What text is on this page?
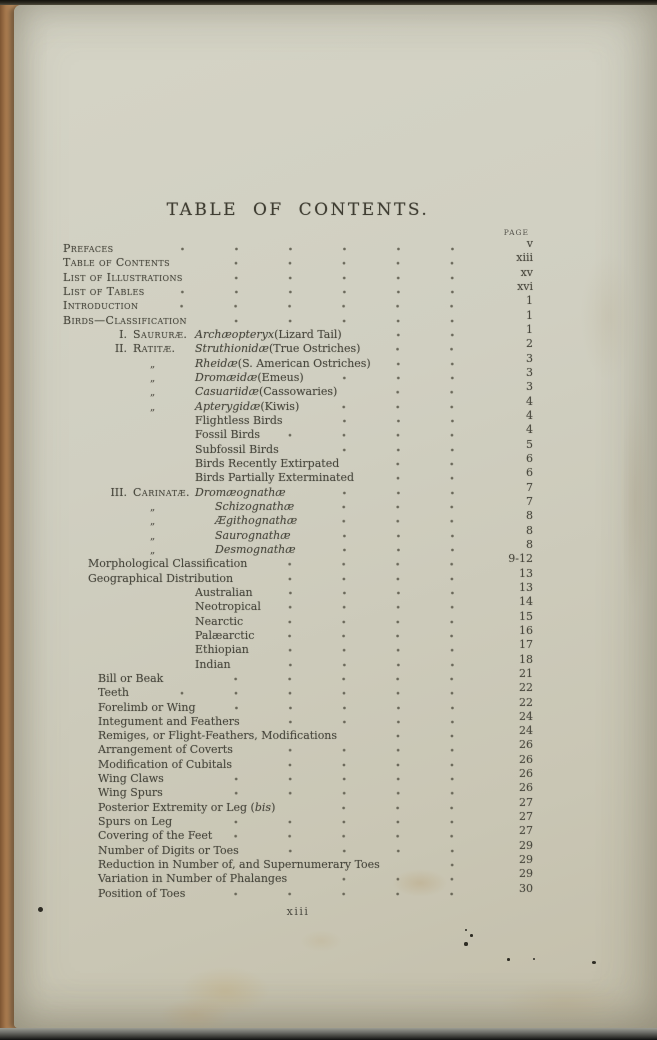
TABLE OF CONTENTS.
PAGE
Prefaces	v
Table of Contents	xiii
List of Illustrations	xv
List of Tables	xvi
Introduction	1
Birds—Classification	1
I. Saururæ. Archæopteryx (Lizard Tail)	1
II. Ratitæ.	Struthionidæ (True Ostriches)	2
„	Rheidæ (S. American Ostriches)	3
„	Dromæidæ (Emeus)	3
„	Casuariidæ (Cassowaries)	3
„	Apterygidæ (Kiwis)	4
Flightless Birds	4
Fossil Birds	4
Subfossil Birds	5
Birds Recently Extirpated	6
Birds Partially Exterminated	6
III. Carinatæ. Dromæognathæ	7
„	Schizognathæ	7
„	Ægithognathæ	8
„	Saurognathæ	8
„	Desmognathæ	8
Morphological Classification	9-12
Geographical Distribution	13
Australian	13
Neotropical	14
Nearctic	15
Palæarctic	16
Ethiopian	17
Indian	18
Bill or Beak	21
Teeth	22
Forelimb or Wing	22
Integument and Feathers	24
Remiges, or Flight-Feathers, Modifications	24
Arrangement of Coverts	26
Modification of Cubitals	26
Wing Claws	26
Wing Spurs	26
Posterior Extremity or Leg ( bis )	27
Spurs on Leg	27
Covering of the Feet	27
Number of Digits or Toes	29
Reduction in Number of, and Supernumerary Toes	29
Variation in Number of Phalanges	29
Position of Toes	30
xiii
